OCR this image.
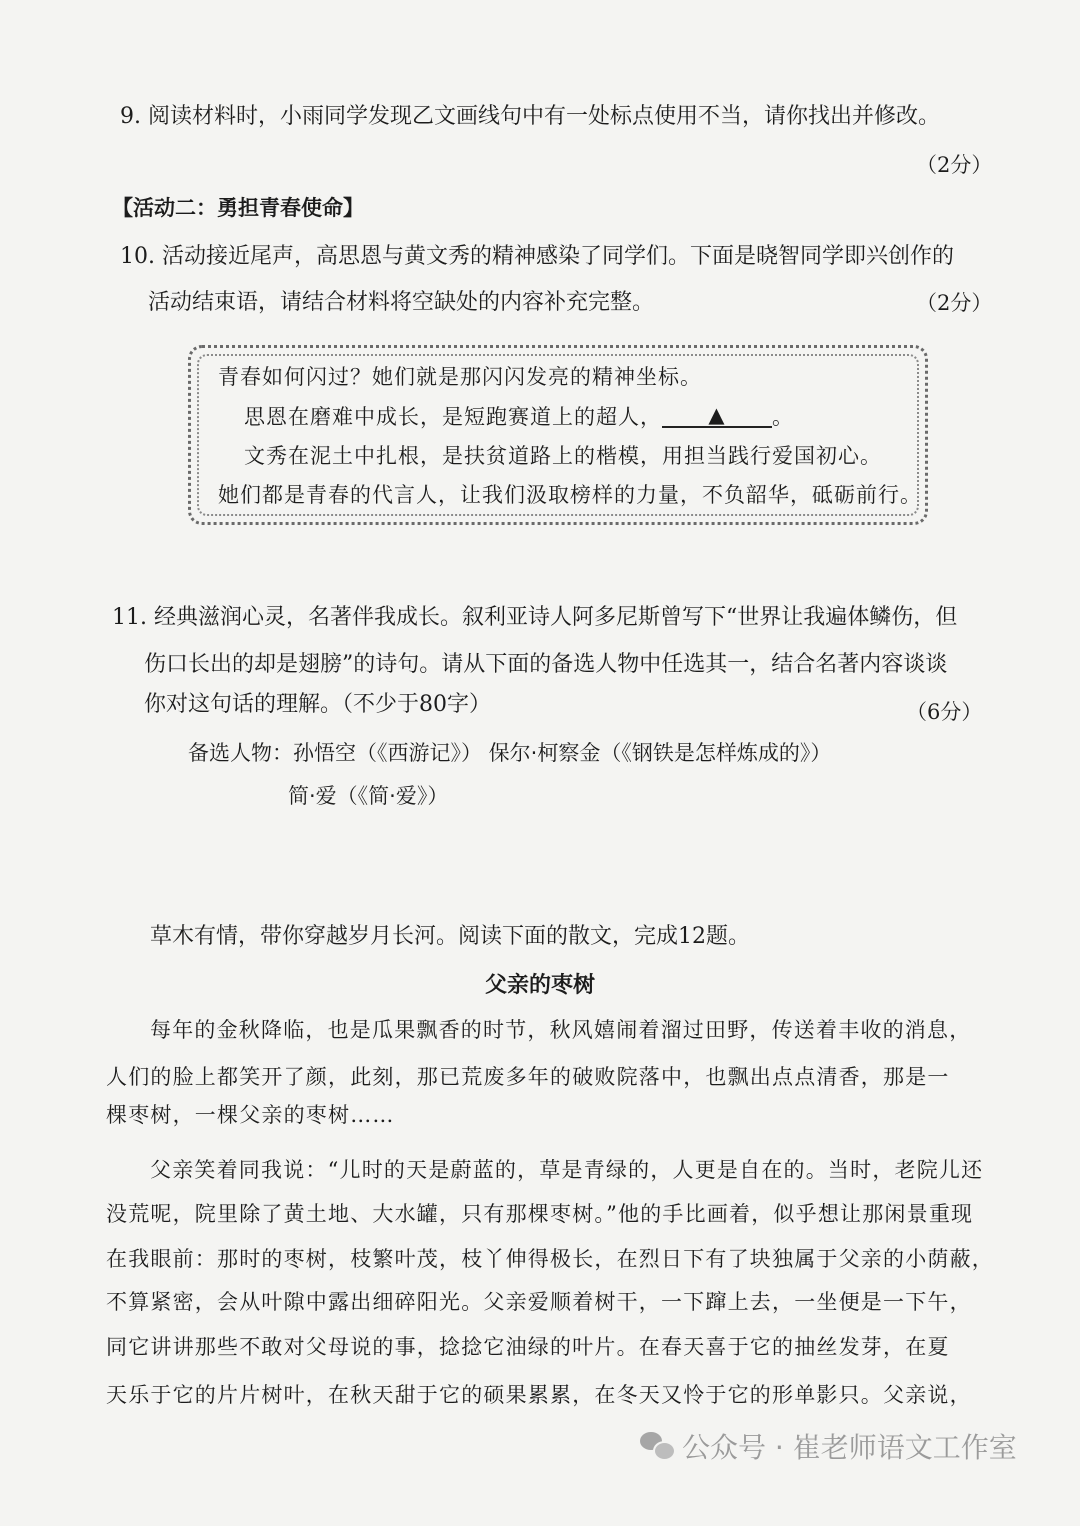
9. 阅读材料时，小雨同学发现乙文画线句中有一处标点使用不当，请你找出并修改。
（2分）
【活动二：勇担青春使命】
10. 活动接近尾声，高思恩与黄文秀的精神感染了同学们。下面是晓智同学即兴创作的
活动结束语，请结合材料将空缺处的内容补充完整。	（2分）
青春如何闪过？她们就是那闪闪发亮的精神坐标。
思恩在磨难中成长，是短跑赛道上的超人， ▲ 。
文秀在泥土中扎根，是扶贫道路上的楷模，用担当践行爱国初心。
她们都是青春的代言人，让我们汲取榜样的力量，不负韶华，砥砺前行。
11. 经典滋润心灵，名著伴我成长。叙利亚诗人阿多尼斯曾写下“世界让我遍体鳞伤，但
伤口长出的却是翅膀”的诗句。请从下面的备选人物中任选其一，结合名著内容谈谈
你对这句话的理解。（不少于80字）	（6分）
备选人物：孙悟空（《西游记》） 保尔·柯察金（《钢铁是怎样炼成的》）
简·爱（《简·爱》）
草木有情，带你穿越岁月长河。阅读下面的散文，完成12题。
父亲的枣树
每年的金秋降临，也是瓜果飘香的时节，秋风嬉闹着溜过田野，传送着丰收的消息，
人们的脸上都笑开了颜，此刻，那已荒废多年的破败院落中，也飘出点点清香，那是一
棵枣树，一棵父亲的枣树……
父亲笑着同我说：“儿时的天是蔚蓝的，草是青绿的，人更是自在的。当时，老院儿还
没荒呢，院里除了黄土地、大水罐，只有那棵枣树。”他的手比画着，似乎想让那闲景重现
在我眼前：那时的枣树，枝繁叶茂，枝丫伸得极长，在烈日下有了块独属于父亲的小荫蔽，
不算紧密，会从叶隙中露出细碎阳光。父亲爱顺着树干，一下蹿上去，一坐便是一下午，
同它讲讲那些不敢对父母说的事，捻捻它油绿的叶片。在春天喜于它的抽丝发芽，在夏
天乐于它的片片树叶，在秋天甜于它的硕果累累，在冬天又怜于它的形单影只。父亲说，
公众号 · 崔老师语文工作室
